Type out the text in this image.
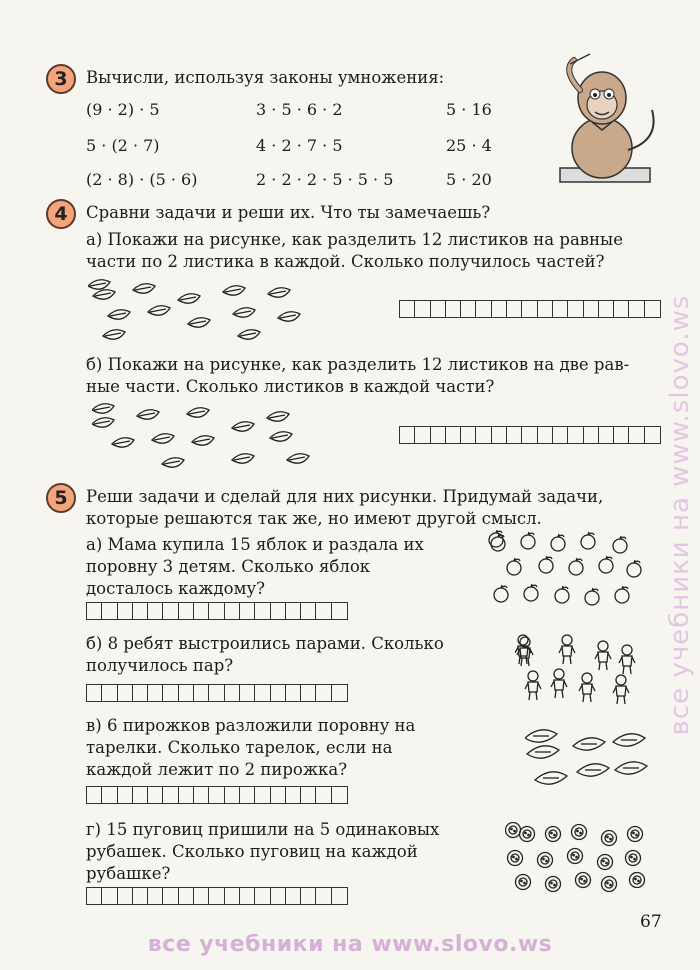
3	Вычисли, используя законы умножения:
(9 · 2) · 5	3 · 5 · 6 · 2	5 · 16
5 · (2 · 7)	4 · 2 · 7 · 5	25 · 4
(2 · 8) · (5 · 6)	2 · 2 · 2 · 5 · 5 · 5	5 · 20
4	Сравни задачи и реши их. Что ты замечаешь?
а) Покажи на рисунке, как разделить 12 листиков на равные
части по 2 листика в каждой. Сколько получилось частей?
б) Покажи на рисунке, как разделить 12 листиков на две рав-
ные части. Сколько листиков в каждой части?
5	Реши задачи и сделай для них рисунки. Придумай задачи,
которые решаются так же, но имеют другой смысл.
а) Мама купила 15 яблок и раздала их
поровну 3 детям. Сколько яблок
досталось каждому?
б) 8 ребят выстроились парами. Сколько
получилось пар?
в) 6 пирожков разложили поровну на
тарелки. Сколько тарелок, если на
каждой лежит по 2 пирожка?
г) 15 пуговиц пришили на 5 одинаковых
рубашек. Сколько пуговиц на каждой
рубашке?
67
все учебники на www.slovo.ws
все учебники на www.slovo.ws
